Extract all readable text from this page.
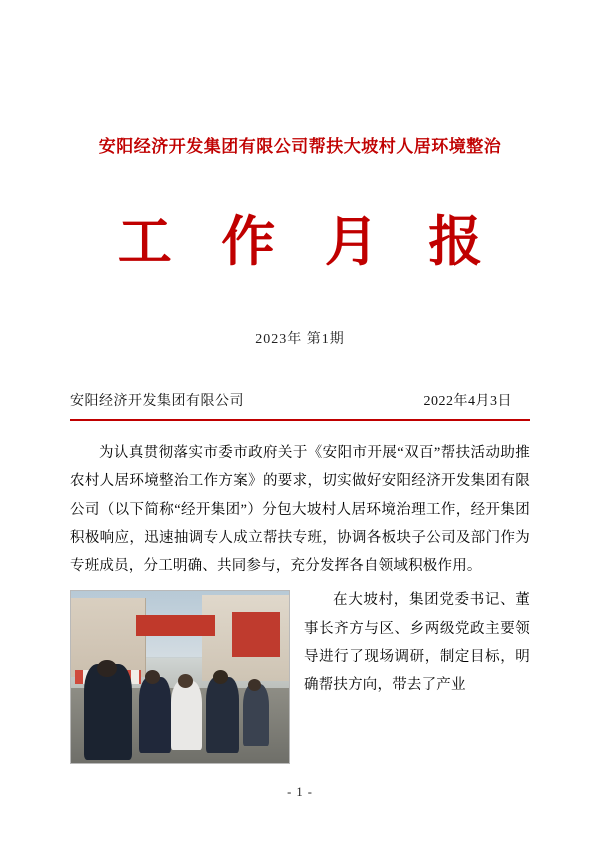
安阳经济开发集团有限公司帮扶大坡村人居环境整治
工 作 月 报
2023年 第1期
安阳经济开发集团有限公司	2022年4月3日

为认真贯彻落实市委市政府关于《安阳市开展“双百”帮扶活动助推农村人居环境整治工作方案》的要求，切实做好安阳经济开发集团有限公司（以下简称“经开集团”）分包大坡村人居环境治理工作，经开集团积极响应，迅速抽调专人成立帮扶专班，协调各板块子公司及部门作为专班成员，分工明确、共同参与，充分发挥各自领域积极作用。

在大坡村，集团党委书记、董事长齐方与区、乡两级党政主要领导进行了现场调研，制定目标，明确帮扶方向，带去了产业

- 1 -
